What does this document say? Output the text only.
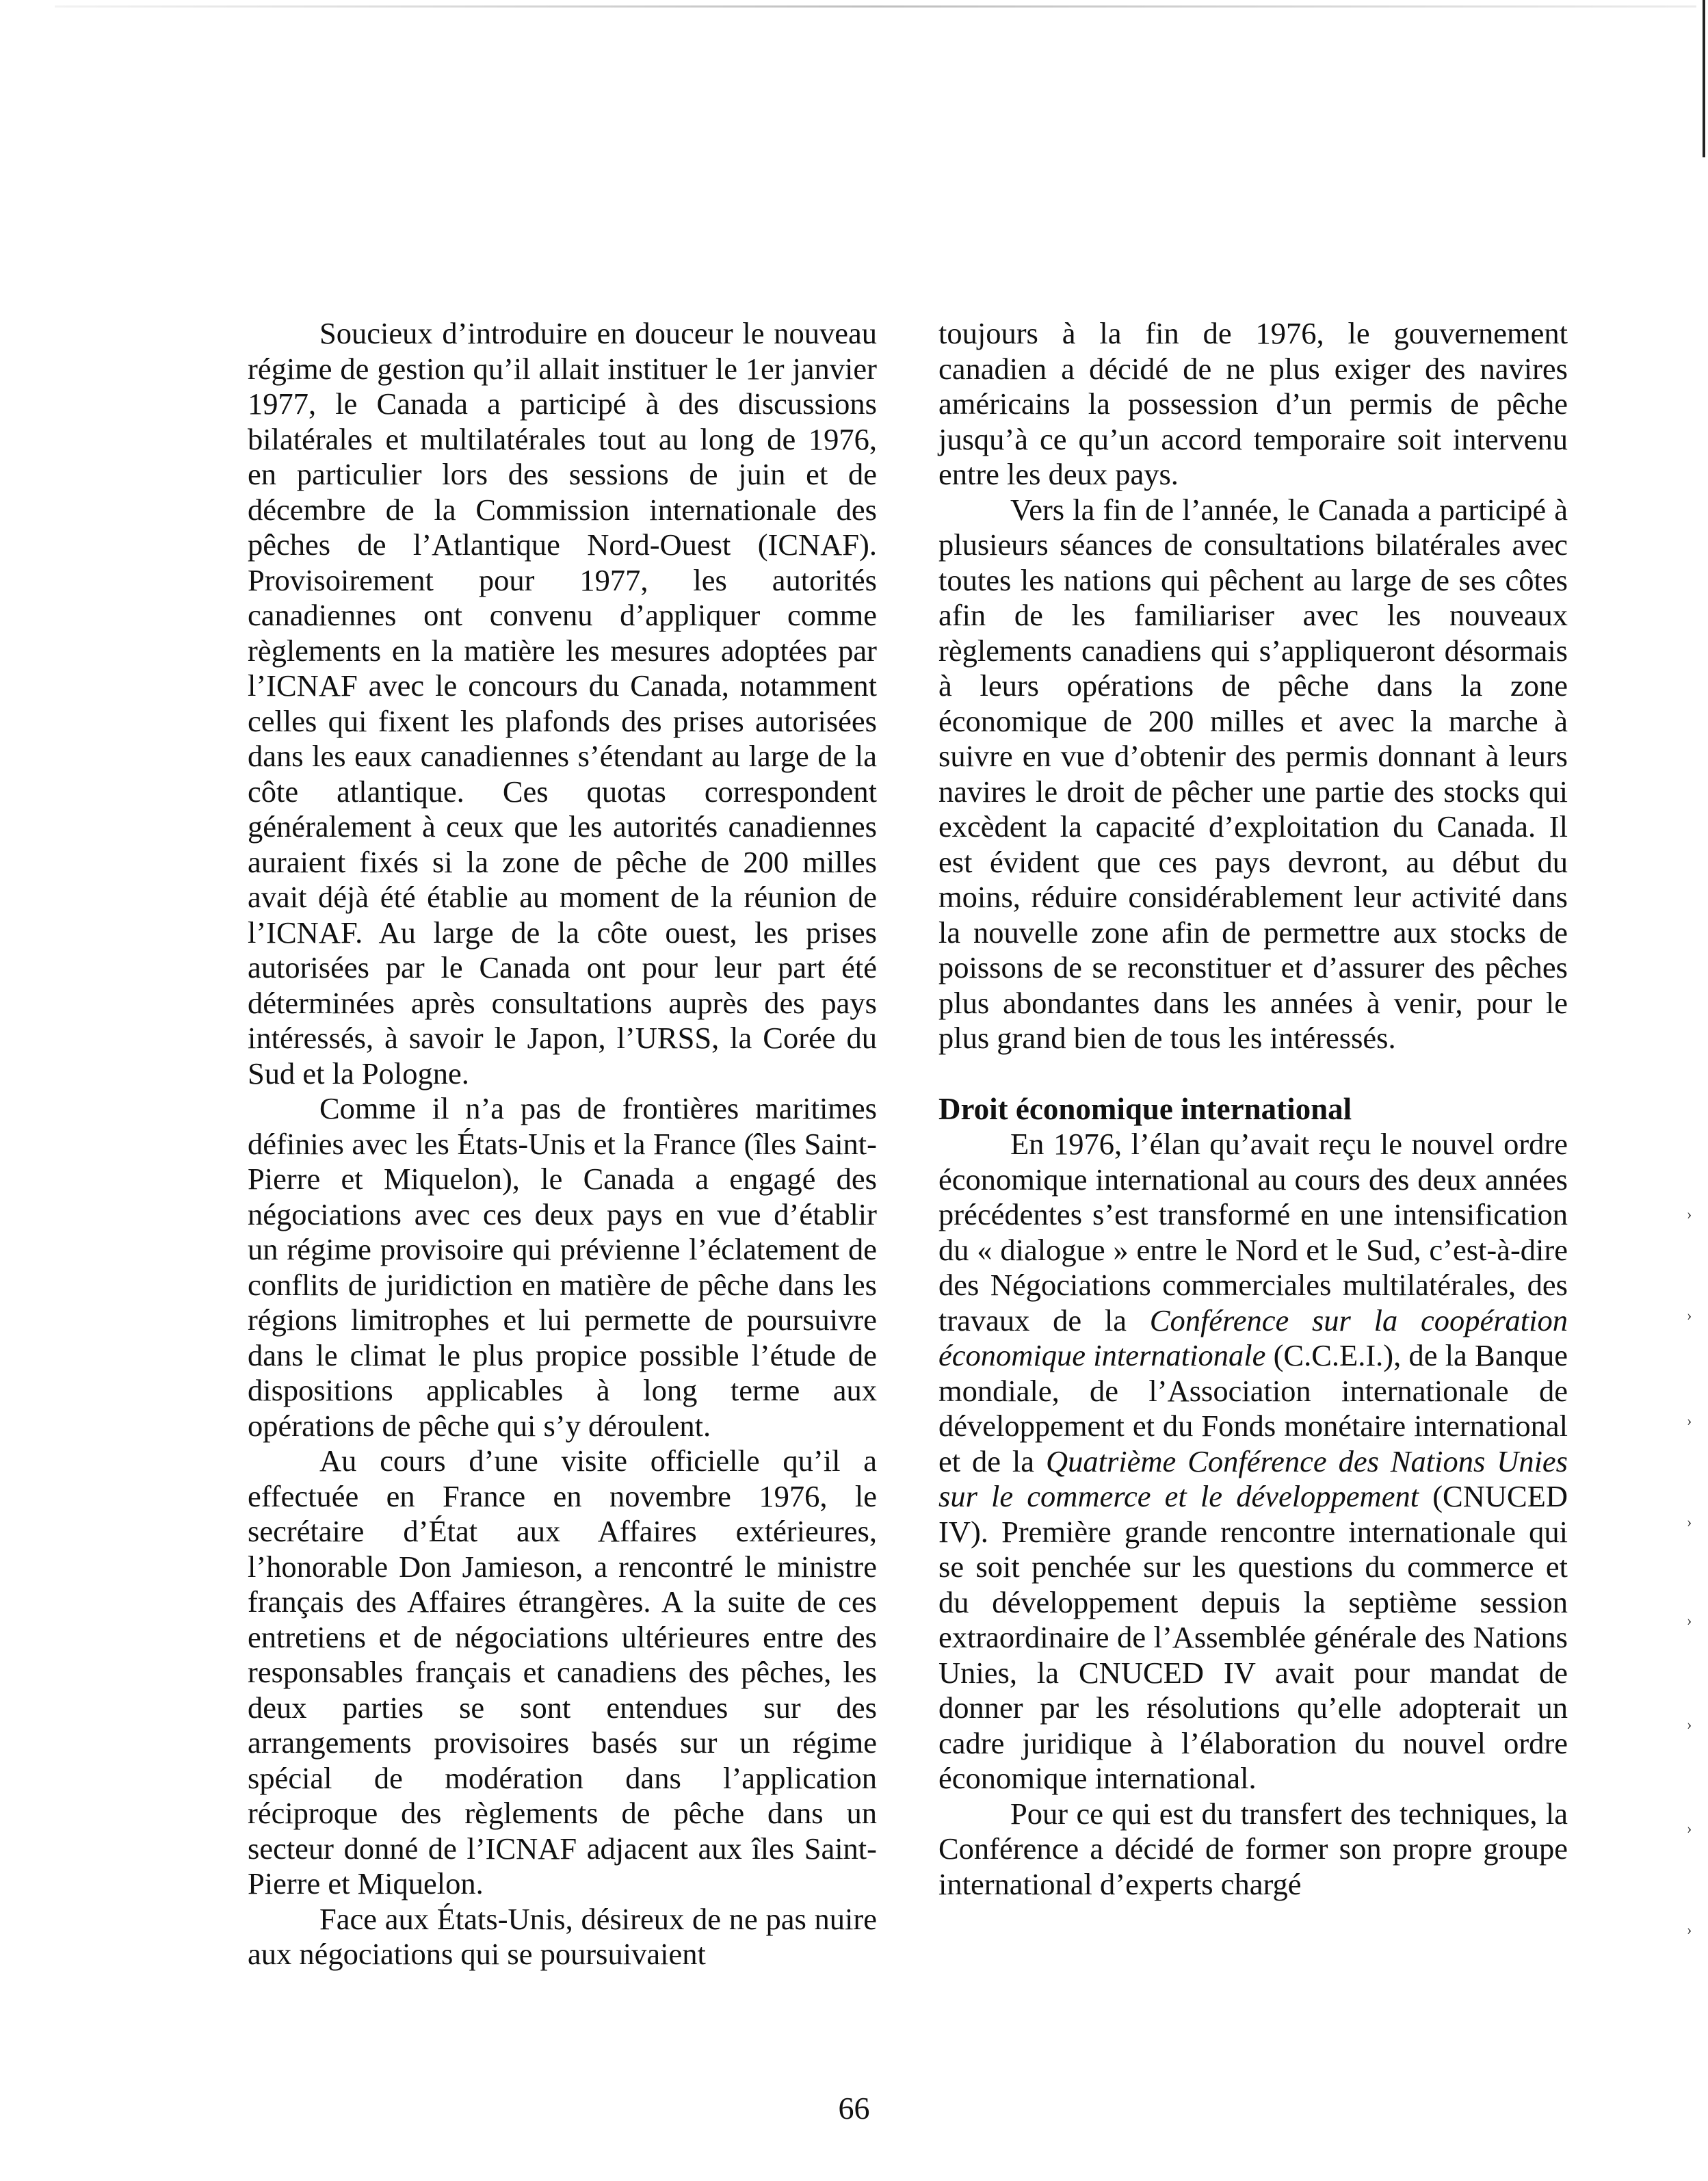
Soucieux d’introduire en douceur le nouveau régime de gestion qu’il allait instituer le 1er janvier 1977, le Canada a participé à des discussions bilatérales et multilatérales tout au long de 1976, en particulier lors des sessions de juin et de décembre de la Commission internationale des pêches de l’Atlantique Nord-Ouest (ICNAF). Provisoirement pour 1977, les autorités canadiennes ont convenu d’appliquer comme règlements en la matière les mesures adoptées par l’ICNAF avec le concours du Canada, notamment celles qui fixent les plafonds des prises autorisées dans les eaux canadiennes s’étendant au large de la côte atlantique. Ces quotas correspondent généralement à ceux que les autorités canadiennes auraient fixés si la zone de pêche de 200 milles avait déjà été établie au moment de la réunion de l’ICNAF. Au large de la côte ouest, les prises autorisées par le Canada ont pour leur part été déterminées après consultations auprès des pays intéressés, à savoir le Japon, l’URSS, la Corée du Sud et la Pologne.

Comme il n’a pas de frontières maritimes définies avec les États-Unis et la France (îles Saint-Pierre et Miquelon), le Canada a engagé des négociations avec ces deux pays en vue d’établir un régime provisoire qui prévienne l’éclatement de conflits de juridiction en matière de pêche dans les régions limitrophes et lui permette de poursuivre dans le climat le plus propice possible l’étude de dispositions applicables à long terme aux opérations de pêche qui s’y déroulent.

Au cours d’une visite officielle qu’il a effectuée en France en novembre 1976, le secrétaire d’État aux Affaires extérieures, l’honorable Don Jamieson, a rencontré le ministre français des Affaires étrangères. A la suite de ces entretiens et de négociations ultérieures entre des responsables français et canadiens des pêches, les deux parties se sont entendues sur des arrangements provisoires basés sur un régime spécial de modération dans l’application réciproque des règlements de pêche dans un secteur donné de l’ICNAF adjacent aux îles Saint-Pierre et Miquelon.

Face aux États-Unis, désireux de ne pas nuire aux négociations qui se poursuivaient

toujours à la fin de 1976, le gouvernement canadien a décidé de ne plus exiger des navires américains la possession d’un permis de pêche jusqu’à ce qu’un accord temporaire soit intervenu entre les deux pays.

Vers la fin de l’année, le Canada a participé à plusieurs séances de consultations bilatérales avec toutes les nations qui pêchent au large de ses côtes afin de les familiariser avec les nouveaux règlements canadiens qui s’appliqueront désormais à leurs opérations de pêche dans la zone économique de 200 milles et avec la marche à suivre en vue d’obtenir des permis donnant à leurs navires le droit de pêcher une partie des stocks qui excèdent la capacité d’exploitation du Canada. Il est évident que ces pays devront, au début du moins, réduire considérablement leur activité dans la nouvelle zone afin de permettre aux stocks de poissons de se reconstituer et d’assurer des pêches plus abondantes dans les années à venir, pour le plus grand bien de tous les intéressés.

Droit économique international

En 1976, l’élan qu’avait reçu le nouvel ordre économique international au cours des deux années précédentes s’est transformé en une intensification du « dialogue » entre le Nord et le Sud, c’est-à-dire des Négociations commerciales multilatérales, des travaux de la Conférence sur la coopération économique internationale (C.C.E.I.), de la Banque mondiale, de l’Association internationale de développement et du Fonds monétaire international et de la Quatrième Conférence des Nations Unies sur le commerce et le développement (CNUCED IV). Première grande rencontre internationale qui se soit penchée sur les questions du commerce et du développement depuis la septième session extraordinaire de l’Assemblée générale des Nations Unies, la CNUCED IV avait pour mandat de donner par les résolutions qu’elle adopterait un cadre juridique à l’élaboration du nouvel ordre économique international.

Pour ce qui est du transfert des techniques, la Conférence a décidé de former son propre groupe international d’experts chargé

66
›
›
›
›
›
›
›
›
